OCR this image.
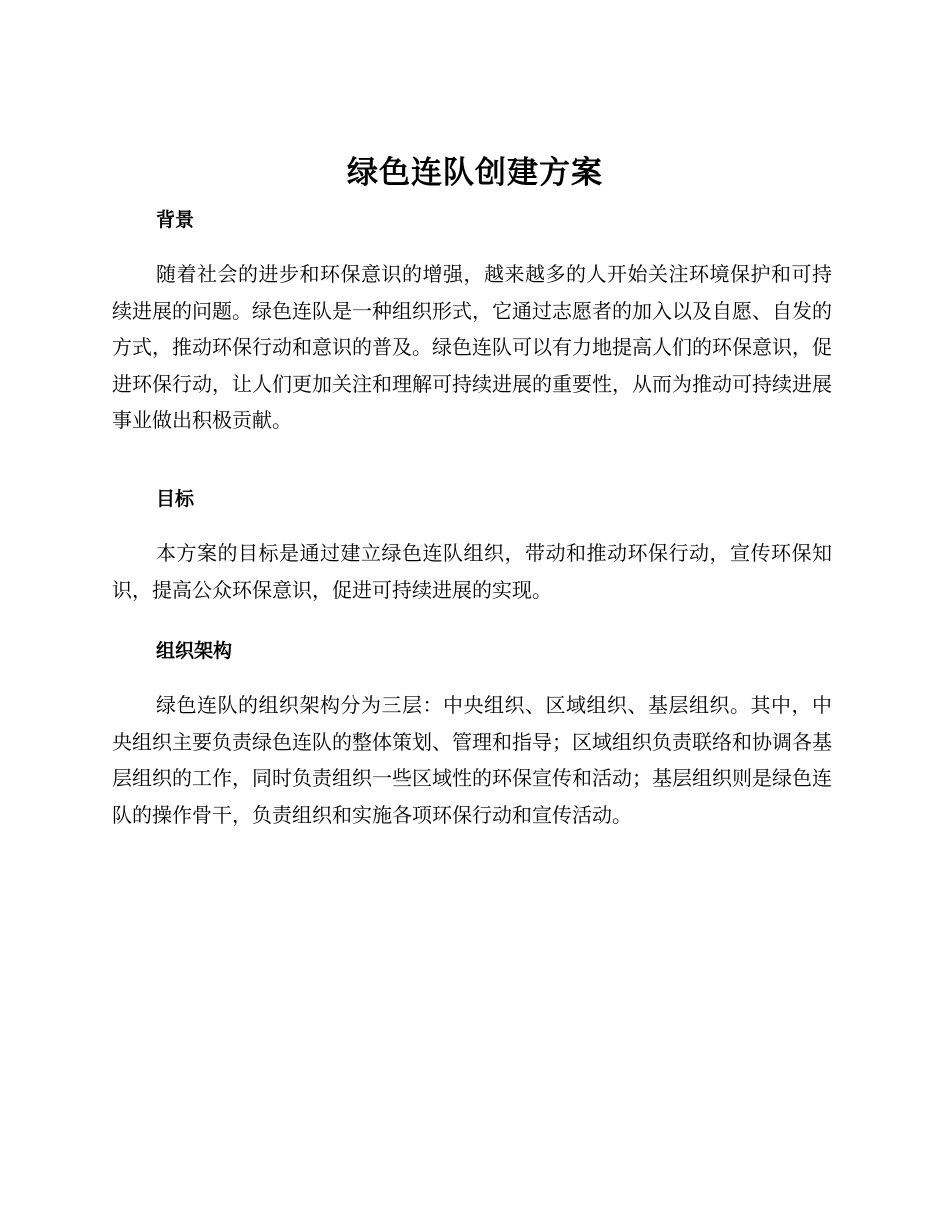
绿色连队创建方案
背景

随着社会的进步和环保意识的增强，越来越多的人开始关注环境保护和可持续进展的问题。绿色连队是一种组织形式，它通过志愿者的加入以及自愿、自发的方式，推动环保行动和意识的普及。绿色连队可以有力地提高人们的环保意识，促进环保行动，让人们更加关注和理解可持续进展的重要性，从而为推动可持续进展事业做出积极贡献。

目标

本方案的目标是通过建立绿色连队组织，带动和推动环保行动，宣传环保知识，提高公众环保意识，促进可持续进展的实现。

组织架构

绿色连队的组织架构分为三层：中央组织、区域组织、基层组织。其中，中央组织主要负责绿色连队的整体策划、管理和指导；区域组织负责联络和协调各基层组织的工作，同时负责组织一些区域性的环保宣传和活动；基层组织则是绿色连队的操作骨干，负责组织和实施各项环保行动和宣传活动。
